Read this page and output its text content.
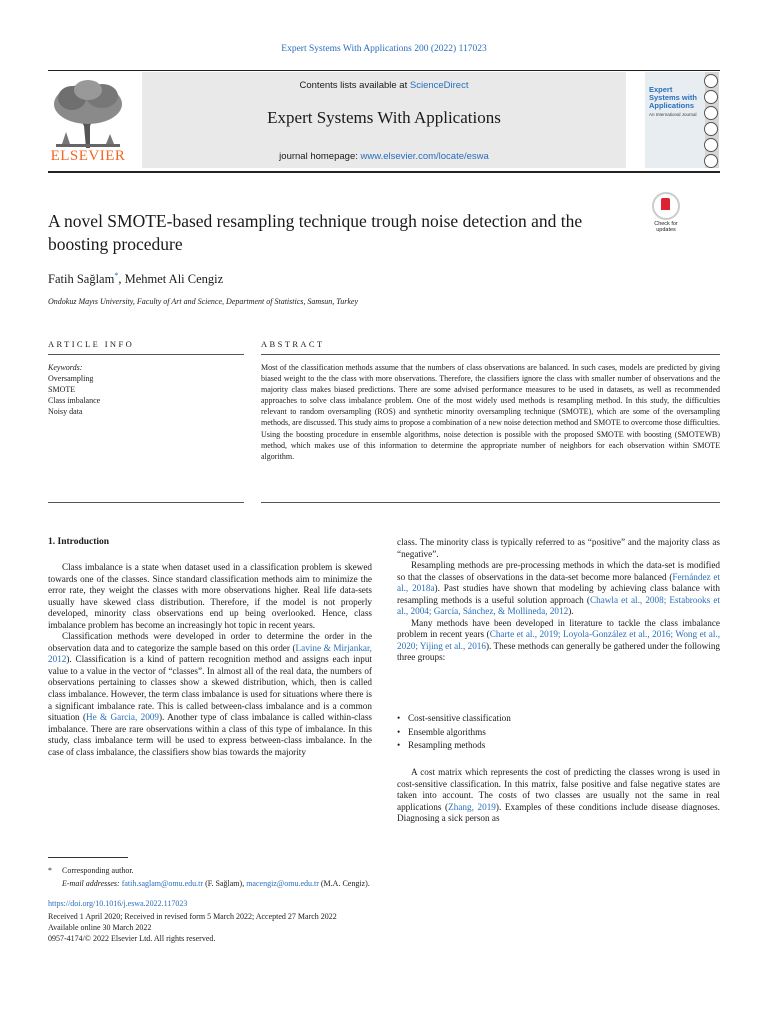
Expert Systems With Applications 200 (2022) 117023
ELSEVIER
Contents lists available at ScienceDirect
Expert Systems With Applications
journal homepage: www.elsevier.com/locate/eswa
Expert Systems with Applications
An International Journal
A novel SMOTE-based resampling technique trough noise detection and the boosting procedure
Check for updates
Fatih Sağlam*, Mehmet Ali Cengiz
Ondokuz Mayıs University, Faculty of Art and Science, Department of Statistics, Samsun, Turkey
ARTICLE INFO	ABSTRACT
Keywords:
Oversampling
SMOTE
Class imbalance
Noisy data
Most of the classification methods assume that the numbers of class observations are balanced. In such cases, models are predicted by giving biased weight to the the class with more observations. Therefore, the classifiers ignore the class with smaller number of observations and the majority class makes biased predictions. There are some advised performance measures to be used in datasets, as well as recommended approaches to solve class imbalance problem. One of the most widely used methods is resampling method. In this study, the difficulties relevant to random oversampling (ROS) and synthetic minority oversampling technique (SMOTE), which are some of the oversampling methods, are discussed. This study aims to propose a combination of a new noise detection method and SMOTE to overcome those difficulties. Using the boosting procedure in ensemble algorithms, noise detection is possible with the proposed SMOTE with boosting (SMOTEWB) method, which makes use of this information to determine the appropriate number of neighbors for each observation within SMOTE algorithm.
1. Introduction

Class imbalance is a state when dataset used in a classification problem is skewed towards one of the classes. Since standard classification methods aim to minimize the error rate, they weight the classes with more observations higher. Real life data-sets usually have skewed class distribution. Therefore, if the model is not properly developed, minority class observations end up being overlooked. Hence, class imbalance problem has become an increasingly hot topic in recent years.

Classification methods were developed in order to determine the order in the observation data and to categorize the sample based on this order (Lavine & Mirjankar, 2012). Classification is a kind of pattern recognition method and assigns each input value to a value in the vector of “classes”. In almost all of the real data, the numbers of observations pertaining to classes show a skewed distribution, which, then is called class imbalance. However, the term class imbalance is used for situations where there is a significant imbalance rate. This is called between-class imbalance and is a common situation (He & Garcia, 2009). Another type of class imbalance is called within-class imbalance. There are rare observations within a class of this type of imbalance. In this study, class imbalance term will be used to express between-class imbalance. In the case of class imbalance, the classifiers show bias towards the majority

class. The minority class is typically referred to as “positive” and the majority class as “negative”.

Resampling methods are pre-processing methods in which the data-set is modified so that the classes of observations in the data-set become more balanced (Fernández et al., 2018a). Past studies have shown that modeling by achieving class balance with resampling methods is a useful solution approach (Chawla et al., 2008; Estabrooks et al., 2004; García, Sánchez, & Mollineda, 2012).

Many methods have been developed in literature to tackle the class imbalance problem in recent years (Charte et al., 2019; Loyola-González et al., 2016; Wong et al., 2020; Yijing et al., 2016). These methods can generally be gathered under the following three groups:

• Cost-sensitive classification
• Ensemble algorithms
• Resampling methods

A cost matrix which represents the cost of predicting the classes wrong is used in cost-sensitive classification. In this matrix, false positive and false negative states are taken into account. The costs of two classes are usually not the same in real applications (Zhang, 2019). Examples of these conditions include disease diagnoses. Diagnosing a sick person as

* Corresponding author.
E-mail addresses: fatih.saglam@omu.edu.tr (F. Sağlam), macengiz@omu.edu.tr (M.A. Cengiz).
https://doi.org/10.1016/j.eswa.2022.117023
Received 1 April 2020; Received in revised form 5 March 2022; Accepted 27 March 2022
Available online 30 March 2022
0957-4174/© 2022 Elsevier Ltd. All rights reserved.
